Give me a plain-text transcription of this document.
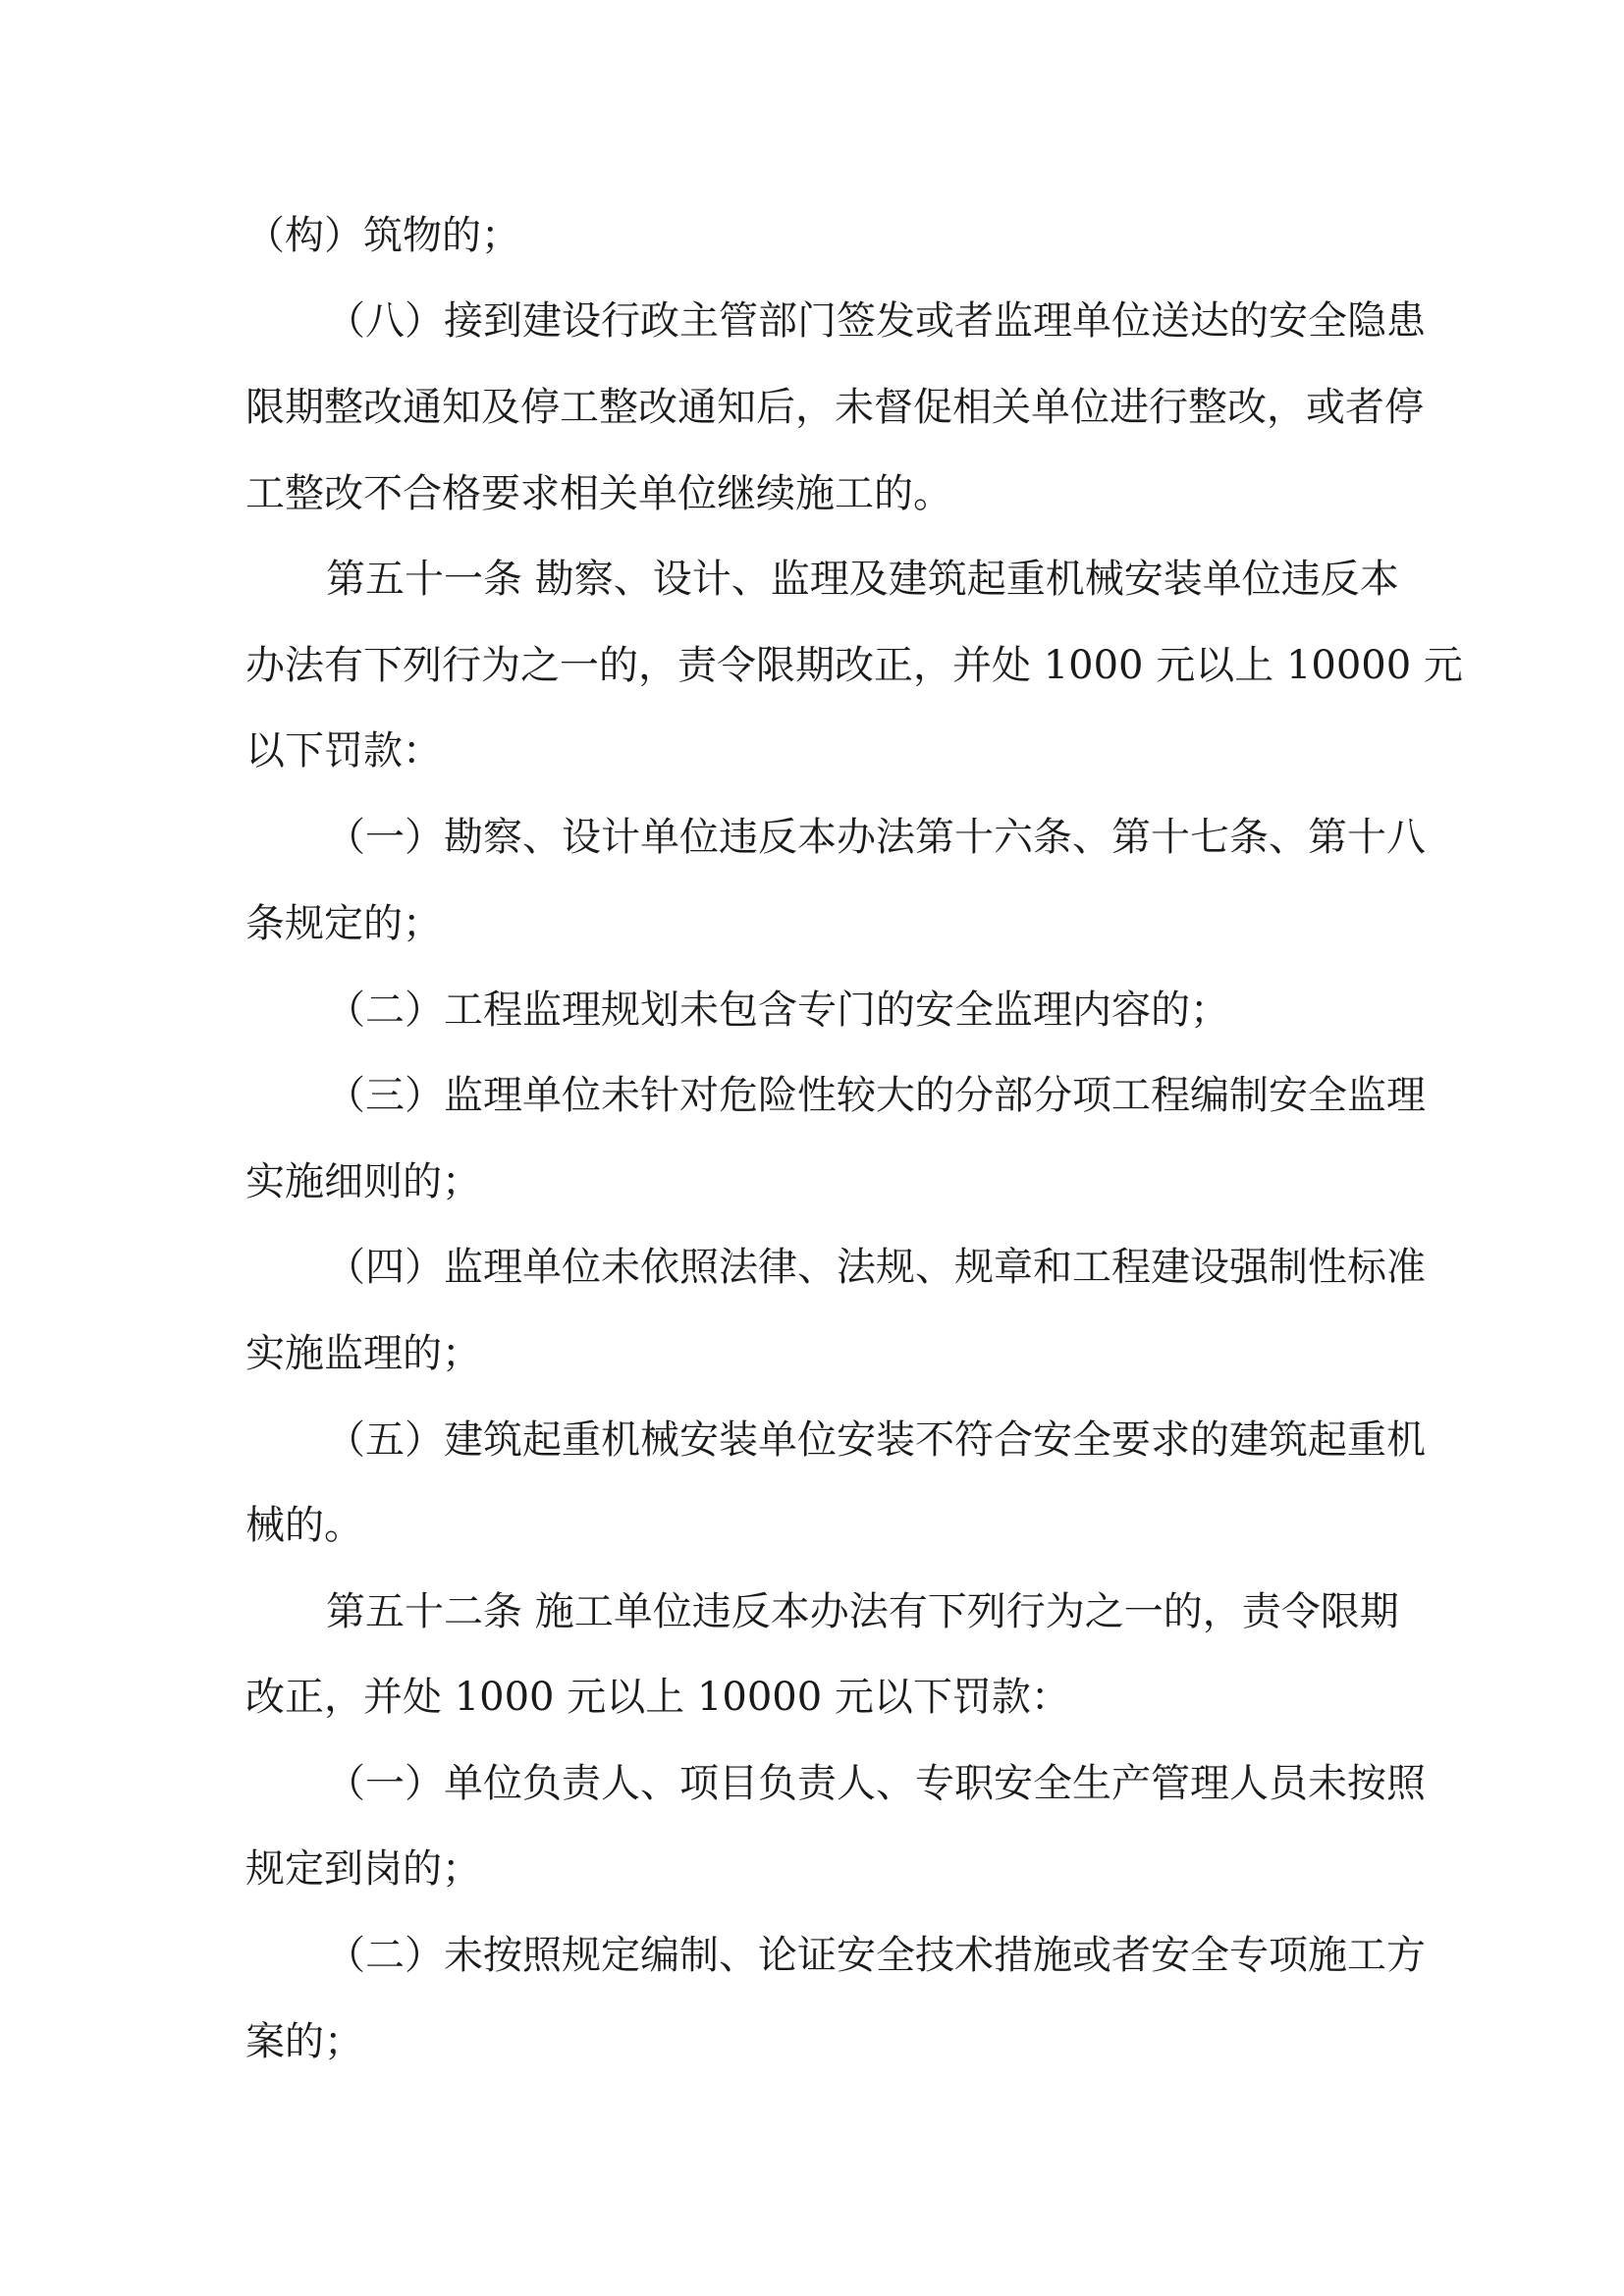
（构）筑物的；
（八）接到建设行政主管部门签发或者监理单位送达的安全隐患
限期整改通知及停工整改通知后，未督促相关单位进行整改，或者停
工整改不合格要求相关单位继续施工的。
第五十一条 勘察、设计、监理及建筑起重机械安装单位违反本
办法有下列行为之一的，责令限期改正，并处 1000 元以上 10000 元
以下罚款：
（一）勘察、设计单位违反本办法第十六条、第十七条、第十八
条规定的；
（二）工程监理规划未包含专门的安全监理内容的；
（三）监理单位未针对危险性较大的分部分项工程编制安全监理
实施细则的；
（四）监理单位未依照法律、法规、规章和工程建设强制性标准
实施监理的；
（五）建筑起重机械安装单位安装不符合安全要求的建筑起重机
械的。
第五十二条 施工单位违反本办法有下列行为之一的，责令限期
改正，并处 1000 元以上 10000 元以下罚款：
（一）单位负责人、项目负责人、专职安全生产管理人员未按照
规定到岗的；
（二）未按照规定编制、论证安全技术措施或者安全专项施工方
案的；
